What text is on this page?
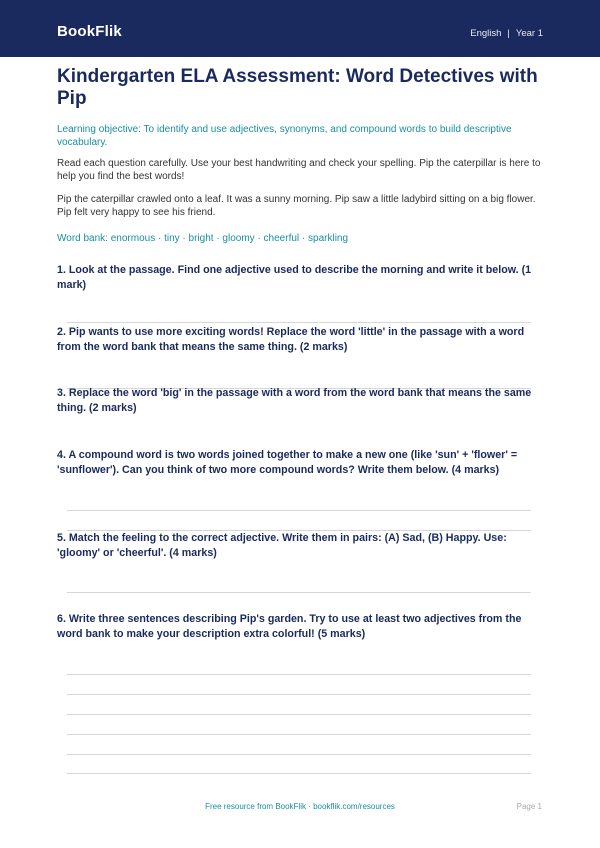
BookFlik	English | Year 1
Kindergarten ELA Assessment: Word Detectives with Pip

Learning objective: To identify and use adjectives, synonyms, and compound words to build descriptive vocabulary.

Read each question carefully. Use your best handwriting and check your spelling. Pip the caterpillar is here to help you find the best words!

Pip the caterpillar crawled onto a leaf. It was a sunny morning. Pip saw a little ladybird sitting on a big flower. Pip felt very happy to see his friend.

Word bank: enormous · tiny · bright · gloomy · cheerful · sparkling

1. Look at the passage. Find one adjective used to describe the morning and write it below. (1 mark)

2. Pip wants to use more exciting words! Replace the word 'little' in the passage with a word from the word bank that means the same thing. (2 marks)

3. Replace the word 'big' in the passage with a word from the word bank that means the same thing. (2 marks)

4. A compound word is two words joined together to make a new one (like 'sun' + 'flower' = 'sunflower'). Can you think of two more compound words? Write them below. (4 marks)

5. Match the feeling to the correct adjective. Write them in pairs: (A) Sad, (B) Happy. Use: 'gloomy' or 'cheerful'. (4 marks)

6. Write three sentences describing Pip's garden. Try to use at least two adjectives from the word bank to make your description extra colorful! (5 marks)

Free resource from BookFlik · bookflik.com/resources	Page 1
